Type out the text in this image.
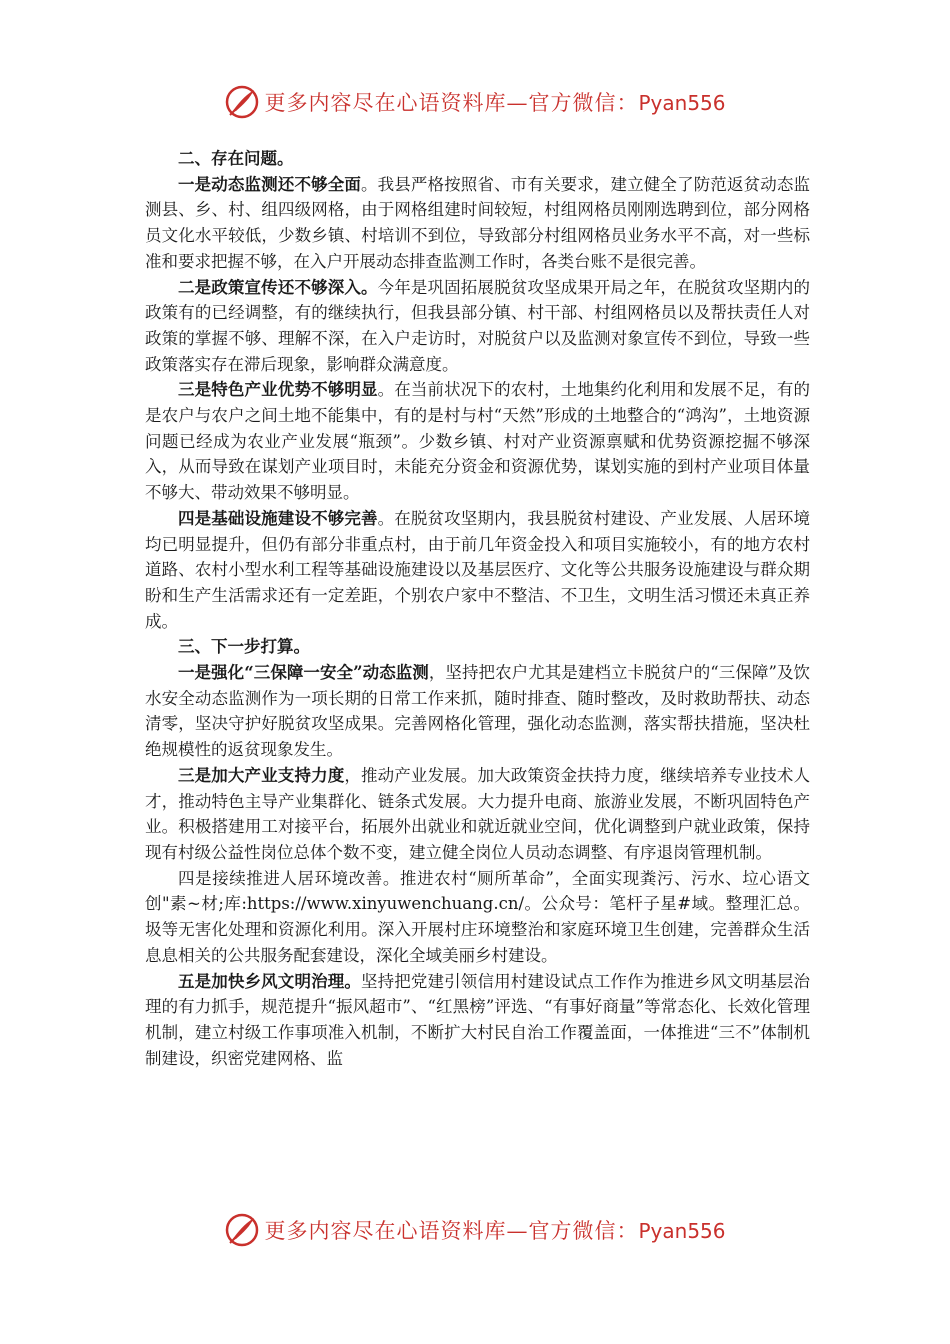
更多内容尽在心语资料库—官方微信：Pyan556

二、存在问题。

一是动态监测还不够全面。我县严格按照省、市有关要求，建立健全了防范返贫动态监测县、乡、村、组四级网格，由于网格组建时间较短，村组网格员刚刚选聘到位，部分网格员文化水平较低，少数乡镇、村培训不到位，导致部分村组网格员业务水平不高，对一些标准和要求把握不够，在入户开展动态排查监测工作时，各类台账不是很完善。

二是政策宣传还不够深入。今年是巩固拓展脱贫攻坚成果开局之年，在脱贫攻坚期内的政策有的已经调整，有的继续执行，但我县部分镇、村干部、村组网格员以及帮扶责任人对政策的掌握不够、理解不深，在入户走访时，对脱贫户以及监测对象宣传不到位，导致一些政策落实存在滞后现象，影响群众满意度。

三是特色产业优势不够明显。在当前状况下的农村，土地集约化利用和发展不足，有的是农户与农户之间土地不能集中，有的是村与村“天然”形成的土地整合的“鸿沟”，土地资源问题已经成为农业产业发展“瓶颈”。少数乡镇、村对产业资源禀赋和优势资源挖掘不够深入，从而导致在谋划产业项目时，未能充分资金和资源优势，谋划实施的到村产业项目体量不够大、带动效果不够明显。

四是基础设施建设不够完善。在脱贫攻坚期内，我县脱贫村建设、产业发展、人居环境均已明显提升，但仍有部分非重点村，由于前几年资金投入和项目实施较小，有的地方农村道路、农村小型水利工程等基础设施建设以及基层医疗、文化等公共服务设施建设与群众期盼和生产生活需求还有一定差距，个别农户家中不整洁、不卫生，文明生活习惯还未真正养成。

三、下一步打算。

一是强化“三保障一安全”动态监测，坚持把农户尤其是建档立卡脱贫户的“三保障”及饮水安全动态监测作为一项长期的日常工作来抓，随时排查、随时整改，及时救助帮扶、动态清零，坚决守护好脱贫攻坚成果。完善网格化管理，强化动态监测，落实帮扶措施，坚决杜绝规模性的返贫现象发生。

三是加大产业支持力度，推动产业发展。加大政策资金扶持力度，继续培养专业技术人才，推动特色主导产业集群化、链条式发展。大力提升电商、旅游业发展，不断巩固特色产业。积极搭建用工对接平台，拓展外出就业和就近就业空间，优化调整到户就业政策，保持现有村级公益性岗位总体个数不变，建立健全岗位人员动态调整、有序退岗管理机制。

四是接续推进人居环境改善。推进农村“厕所革命”，全面实现粪污、污水、垃心语文创"素~材;库:https://www.xinyuwenchuang.cn/。公众号：笔杆子星#域。整理汇总。圾等无害化处理和资源化利用。深入开展村庄环境整治和家庭环境卫生创建，完善群众生活息息相关的公共服务配套建设，深化全域美丽乡村建设。

五是加快乡风文明治理。坚持把党建引领信用村建设试点工作作为推进乡风文明基层治理的有力抓手，规范提升“振风超市”、“红黑榜”评选、“有事好商量”等常态化、长效化管理机制，建立村级工作事项准入机制，不断扩大村民自治工作覆盖面，一体推进“三不”体制机制建设，织密党建网格、监

更多内容尽在心语资料库—官方微信：Pyan556
